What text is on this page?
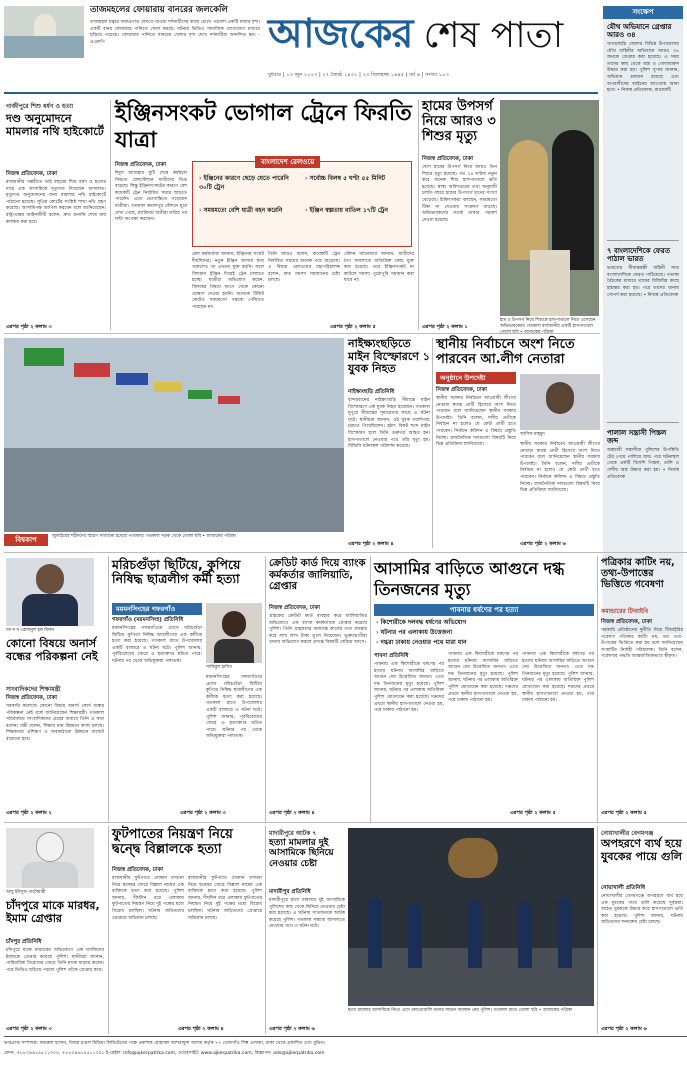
তাজমহলের ফোয়ারায় বানরের জলকেলি
তাজমহল চত্বরে জলপ্রপাত দেখতে যাওয়া দর্শনার্থীদের কাছে চোখে পড়লো একটি মজার দৃশ্য। একটি বানর ফোয়ারার পানিতে খেলা করছে। ঘটনার ভিডিও সামাজিক যোগাযোগ মাধ্যমে ছড়িয়ে পড়েছে। ফোয়ারার পানিতে বানরের খেলার দৃশ্য দেখে দর্শনার্থীরা আনন্দিত হন। - এএফপি	আজকের শেষ পাতা
বুধবার | ১৩ জুন ২০২৩ | ২৭ জ্যৈষ্ঠ ১৪৩১ | ২৩ জিলহজ্জ ১৪৪৫ | বর্ষ ৬ | সংখ্যা ১০৩
সংক্ষেপ
যৌথ অভিযানে গ্রেপ্তার আরও ৩৪
খাগড়াছড়ি জেলার বিভিন্ন উপজেলায় যৌথ বাহিনীর অভিযানে আরও ৩৪ জনকে গ্রেপ্তার করা হয়েছে। এ সময় তাদের কাছ থেকে অস্ত্র ও গোলাবারুদ উদ্ধার করা হয়। পুলিশ সুপার জানান, অভিযান চলমান রয়েছে এবং অপরাধীদের আইনের আওতায় আনা হবে। • নিজস্ব প্রতিবেদক, রাঙামাটি
৭ বাংলাদেশিকে ফেরত পাঠাল ভারত
ভারতের সীমান্তরক্ষী বাহিনী সাত বাংলাদেশিকে ফেরত পাঠিয়েছে। পতাকা বৈঠকের মাধ্যমে তাদের বিজিবির কাছে হস্তান্তর করা হয়। পরে তাদের থানায় সোপর্দ করা হয়েছে। • নিজস্ব প্রতিবেদক
পালাল সন্ত্রাসী পিস্তল জব্দ
অস্ত্রধারী সন্ত্রাসীরা পুলিশের উপস্থিতি টের পেয়ে পালিয়ে যায়। পরে ঘটনাস্থল থেকে একটি বিদেশি পিস্তল, গুলি ও দেশীয় অস্ত্র উদ্ধার করা হয়। • নিজস্ব প্রতিবেদক
গাজীপুরে শিশু ধর্ষণ ও হত্যা
দণ্ড অনুমোদনে মামলার নথি হাইকোর্টে
নিজস্ব প্রতিবেদক, ঢাকা
রাজধানীর পল্লবীতে তাই বছরের শিশু ধর্ষণ ও হত্যার দায়ে এক আসামিকে মৃত্যুদণ্ড দিয়েছেন আদালত। মৃত্যুদণ্ড অনুমোদনের জন্য মামলার নথি হাইকোর্টে পাঠানো হয়েছে। সুপ্রিম কোর্টের সংশ্লিষ্ট শাখা নথি গ্রহণ করেছে। আসামিপক্ষ আপিল করবেন বলে জানিয়েছেন। রাষ্ট্রপক্ষের আইনজীবী বলেন, দ্রুত শুনানি শেষে রায় কার্যকর করা হবে।
এরপর পৃষ্ঠা ২ কলাম ৩
ইঞ্জিনসংকট ভোগাল ট্রেনে ফিরতি যাত্রা
নিজস্ব প্রতিবেদক, ঢাকা
ঈদুল আজহার ছুটি শেষে কর্মস্থলে ফিরতে রেলস্টেশনে যাত্রীদের ভিড় বাড়ছে। কিন্তু ইঞ্জিনসংকটের কারণে বেশ কয়েকটি ট্রেন নির্ধারিত সময়ে ছাড়তে পারেনি। এতে ভোগান্তিতে পড়েছেন যাত্রীরা। গতকাল কমলাপুর স্টেশনে ঘুরে দেখা গেছে, প্ল্যাটফর্মে যাত্রীরা ঘণ্টার পর ঘণ্টা অপেক্ষা করছেন।
বাংলাদেশ রেলওয়ে
› ইঞ্জিনের কারণে ছেড়ে যেতে পারেনি ৩০টি ট্রেন
› সর্বোচ্চ বিলম্ব ৫ ঘণ্টা ৫৫ মিনিট
› সময়মতো বেশি যাত্রী বহন করেনি	› ইঞ্জিন স্বল্পতায় বাতিল ১৭টি ট্রেন
রেল কর্মকর্তারা জানান, ইঞ্জিনের সংকট দীর্ঘদিনের। নতুন ইঞ্জিন আসার কথা থাকলেও তা এখনো যুক্ত হয়নি। ফলে বিদ্যমান ইঞ্জিন দিয়েই ট্রেন চালাতে হচ্ছে। যাত্রীরা অভিযোগ করেন, বিলম্বের বিষয়ে আগে থেকে কোনো ঘোষণা দেওয়া হয়নি। অনেকে টিকিট কেটেও সময়মতো গন্তব্যে পৌঁছাতে পারছেন না।
তিনি আরও বলেন, কয়েকটি ট্রেন নির্ধারিত সময়ের অনেক পরে ছেড়েছে। এ বিষয়ে রেলওয়ের মহাপরিচালক বলেন, দ্রুত সমস্যা সমাধানের চেষ্টা চলছে।
স্টেশন ম্যানেজার জানান, যাত্রীদের চাপ সামলাতে অতিরিক্ত কোচ যুক্ত করা হয়েছে। তবে ইঞ্জিনসংকট না কাটলে সমস্যা পুরোপুরি সমাধান করা যাবে না।
এরপর পৃষ্ঠা ২ কলাম ৫
হামের উপসর্গ নিয়ে আরও ৩ শিশুর মৃত্যু
নিজস্ব প্রতিবেদক, ঢাকা
দেশে হামের উপসর্গ নিয়ে আরও তিন শিশুর মৃত্যু হয়েছে। গত ২৪ ঘণ্টায় নতুন করে অনেক শিশু হাসপাতালে ভর্তি হয়েছে। স্বাস্থ্য অধিদপ্তরের তথ্য অনুযায়ী চলতি বছরে হামের উপসর্গে মৃতের সংখ্যা বেড়েছে। চিকিৎসকরা বলছেন, সময়মতো টিকা না দেওয়ায় সংক্রমণ বাড়ছে। অভিভাবকদের সতর্ক থাকার পরামর্শ দেওয়া হয়েছে।
এরপর পৃষ্ঠা ২ কলাম ১
হাম ও উপসর্গ নিয়ে শিশুকে হাসপাতালে নিয়ে এসেছেন অভিভাবকেরা। গতকাল রাজধানীর একটি হাসপাতালে
বিশ্বকাপ	জুলাইয়ের শহীদদের স্মরণে সাজানো হয়েছে পতাকায়। গতকাল সড়ক থেকে তোলা ছবি • আজকের পত্রিকা
নাইক্ষ্যংছড়িতে মাইন বিস্ফোরণে ১ যুবক নিহত
নাইক্ষ্যংছড়ি প্রতিনিধি
বান্দরবানের নাইক্ষ্যংছড়ি সীমান্তে মাইন বিস্ফোরণে এক যুবক নিহত হয়েছেন। গতকাল দুপুরে সীমান্তের শূন্যরেখার কাছে এ ঘটনা ঘটে। স্থানীয়রা জানান, ওই যুবক গবাদিপশু চরাতে গিয়েছিলেন। হঠাৎ বিকট শব্দে মাইন বিস্ফোরণ হলে তিনি গুরুতর আহত হন। হাসপাতালে নেওয়ার পথে তাঁর মৃত্যু হয়। বিজিবি ঘটনাস্থল পরিদর্শন করেছে।
এরপর পৃষ্ঠা ২ কলাম ৪
স্থানীয় নির্বাচনে অংশ নিতে পারবেন আ.লীগ নেতারা
অনুষ্ঠানে উপদেষ্টা
নিজস্ব প্রতিবেদক, ঢাকা
স্থানীয় সরকার নির্বাচনে আওয়ামী লীগের নেতারা স্বতন্ত্র প্রার্থী হিসেবে অংশ নিতে পারবেন বলে জানিয়েছেন স্থানীয় সরকার উপদেষ্টা। তিনি বলেন, দলীয় প্রতীকে নির্বাচন না হলেও যে কেউ প্রার্থী হতে পারবেন। নির্বাচন কমিশন এ বিষয়ে প্রস্তুতি নিচ্ছে। রাজনৈতিক দলগুলো বিষয়টি নিয়ে ভিন্ন প্রতিক্রিয়া জানিয়েছে।
আসিফ মাহমুদ
স্থানীয় সরকার নির্বাচনে আওয়ামী লীগের নেতারা স্বতন্ত্র প্রার্থী হিসেবে অংশ নিতে পারবেন বলে জানিয়েছেন স্থানীয় সরকার উপদেষ্টা। তিনি বলেন, দলীয় প্রতীকে নির্বাচন না হলেও যে কেউ প্রার্থী হতে পারবেন। নির্বাচন কমিশন এ বিষয়ে প্রস্তুতি নিচ্ছে। রাজনৈতিক দলগুলো বিষয়টি নিয়ে ভিন্ন প্রতিক্রিয়া জানিয়েছে।
এরপর পৃষ্ঠা ২ কলাম ৬
আ ন ম এহসানুল হক মিলন
কোনো বিষয়ে অনার্স বন্ধের পরিকল্পনা নেই
সাংবাদিকদের শিক্ষামন্ত্রী
নিজস্ব প্রতিবেদক, ঢাকা
সরকারি কলেজে কোনো বিষয়ে অনার্স কোর্স বন্ধের পরিকল্পনা নেই বলে জানিয়েছেন শিক্ষামন্ত্রী। গতকাল সচিবালয়ে সাংবাদিকদের প্রশ্নের জবাবে তিনি এ কথা বলেন। মন্ত্রী বলেন, শিক্ষার মান উন্নয়নে কাজ চলছে। শিক্ষকদের প্রশিক্ষণ ও অবকাঠামো উন্নয়নে বাজেট বাড়ানো হবে।
এরপর পৃষ্ঠা ২ কলাম ২
মরিচগুঁড়া ছিটিয়ে, কুপিয়ে নিষিদ্ধ ছাত্রলীগ কর্মী হত্যা
ময়মনসিংহের গফরগাঁও
গফরগাঁও (ময়মনসিংহ) প্রতিনিধি
ময়মনসিংহের গফরগাঁওয়ে চোখে মরিচগুঁড়া ছিটিয়ে কুপিয়ে নিষিদ্ধ ছাত্রলীগের এক কর্মীকে হত্যা করা হয়েছে। গতকাল রাতে উপজেলার একটি বাজারে এ ঘটনা ঘটে। পুলিশ জানায়, পূর্ববিরোধের জেরে এ হত্যাকাণ্ড ঘটতে পারে। ঘটনার পর থেকে অভিযুক্তরা পলাতক।
সাকিবুল হাসিব
ময়মনসিংহের গফরগাঁওয়ে চোখে মরিচগুঁড়া ছিটিয়ে কুপিয়ে নিষিদ্ধ ছাত্রলীগের এক কর্মীকে হত্যা করা হয়েছে। গতকাল রাতে উপজেলার একটি বাজারে এ ঘটনা ঘটে। পুলিশ জানায়, পূর্ববিরোধের জেরে এ হত্যাকাণ্ড ঘটতে পারে। ঘটনার পর থেকে অভিযুক্তরা পলাতক।
এরপর পৃষ্ঠা ২ কলাম ৩
ক্রেডিট কার্ড দিয়ে ব্যাংক কর্মকর্তার জালিয়াতি, গ্রেপ্তার
নিজস্ব প্রতিবেদক, ঢাকা
গ্রাহকের ক্রেডিট কার্ড ব্যবহার করে জালিয়াতির অভিযোগে এক ব্যাংক কর্মকর্তাকে গ্রেপ্তার করেছে পুলিশ। তিনি গ্রাহকদের অজান্তে কার্ডের তথ্য ব্যবহার করে লাখ লাখ টাকা তুলে নিয়েছেন। ভুক্তভোগীরা থানায় অভিযোগ করলে তদন্তে বিষয়টি বেরিয়ে আসে।
এরপর পৃষ্ঠা ২ কলাম ৪
আসামির বাড়িতে আগুনে দগ্ধ তিনজনের মৃত্যু
পাবনায় ধর্ষণের পর হত্যা
› কিশোরীকে দলবদ্ধ ধর্ষণের অভিযোগ
› ঘটনার পর এলাকায় উত্তেজনা
› দগ্ধরা ঢাকায় নেওয়ার পথে মারা যান
পাবনা প্রতিনিধি
পাবনায় এক কিশোরীকে ধর্ষণের পর হত্যার ঘটনায় আসামির বাড়িতে আগুন দেয় উত্তেজিত জনতা। এতে দগ্ধ তিনজনের মৃত্যু হয়েছে। পুলিশ জানায়, ঘটনার পর এলাকায় অতিরিক্ত পুলিশ মোতায়েন করা হয়েছে। দগ্ধদের প্রথমে স্থানীয় হাসপাতালে নেওয়া হয়, পরে ঢাকায় পাঠানো হয়।
পাবনায় এক কিশোরীকে ধর্ষণের পর হত্যার ঘটনায় আসামির বাড়িতে আগুন দেয় উত্তেজিত জনতা। এতে দগ্ধ তিনজনের মৃত্যু হয়েছে। পুলিশ জানায়, ঘটনার পর এলাকায় অতিরিক্ত পুলিশ মোতায়েন করা হয়েছে। দগ্ধদের প্রথমে স্থানীয় হাসপাতালে নেওয়া হয়, পরে ঢাকায় পাঠানো হয়।
পাবনায় এক কিশোরীকে ধর্ষণের পর হত্যার ঘটনায় আসামির বাড়িতে আগুন দেয় উত্তেজিত জনতা। এতে দগ্ধ তিনজনের মৃত্যু হয়েছে। পুলিশ জানায়, ঘটনার পর এলাকায় অতিরিক্ত পুলিশ মোতায়েন করা হয়েছে। দগ্ধদের প্রথমে স্থানীয় হাসপাতালে নেওয়া হয়, পরে ঢাকায় পাঠানো হয়।
এরপর পৃষ্ঠা ২ কলাম ৫
পত্রিকার কাটিং নয়, তথ্য-উপাত্তের ভিত্তিতে গবেষণা
কমান্ডারের টিআইবি
নিজস্ব প্রতিবেদক, ঢাকা
সরকারি প্রতিষ্ঠানের দুর্নীতি নিয়ে টিআইবির গবেষণা পত্রিকার কাটিং নয়, বরং তথ্য-উপাত্তের ভিত্তিতে করা হয় বলে জানিয়েছেন সংস্থাটির নির্বাহী পরিচালক। তিনি বলেন, গবেষণার পদ্ধতি আন্তর্জাতিকভাবে স্বীকৃত।
এরপর পৃষ্ঠা ২ কলাম ৫
আবু ইউসুফ পাটোয়ারী
চাঁদপুরে মাকে মারধর, ইমাম গ্রেপ্তার
চাঁদপুর প্রতিনিধি
চাঁদপুরে মাকে মারধরের অভিযোগে এক মসজিদের ইমামকে গ্রেপ্তার করেছে পুলিশ। স্থানীয়রা জানান, পারিবারিক বিরোধের জেরে তিনি মাকে মারধর করেন। পরে ভিডিও ছড়িয়ে পড়লে পুলিশ তাঁকে গ্রেপ্তার করে।
এরপর পৃষ্ঠা ২ কলাম ৩
ফুটপাতের নিয়ন্ত্রণ নিয়ে দ্বন্দ্বে বিল্লালকে হত্যা
নিজস্ব প্রতিবেদক, ঢাকা
রাজধানীর ফুটপাতে দোকান বসানো নিয়ে দ্বন্দ্বের জেরে বিল্লাল নামের এক ব্যক্তিকে হত্যা করা হয়েছে। পুলিশ জানায়, দীর্ঘদিন ধরে এলাকায় ফুটপাতের নিয়ন্ত্রণ নিয়ে দুই পক্ষের মধ্যে বিরোধ চলছিল। ঘটনায় জড়িতদের গ্রেপ্তারে অভিযান চলছে।
রাজধানীর ফুটপাতে দোকান বসানো নিয়ে দ্বন্দ্বের জেরে বিল্লাল নামের এক ব্যক্তিকে হত্যা করা হয়েছে। পুলিশ জানায়, দীর্ঘদিন ধরে এলাকায় ফুটপাতের নিয়ন্ত্রণ নিয়ে দুই পক্ষের মধ্যে বিরোধ চলছিল। ঘটনায় জড়িতদের গ্রেপ্তারে অভিযান চলছে।
এরপর পৃষ্ঠা ২ কলাম ৪
মাদারীপুরে আটক ৭
হত্যা মামলার দুই আসামিকে ছিনিয়ে নেওয়ার চেষ্টা
মাদারীপুর প্রতিনিধি
মাদারীপুরে হত্যা মামলার দুই আসামিকে পুলিশের কাছ থেকে ছিনিয়ে নেওয়ার চেষ্টা করা হয়েছে। এ ঘটনায় সাতজনকে আটক করেছে পুলিশ। গতকাল সন্ধ্যায় আদালতে নেওয়ার পথে এ ঘটনা ঘটে।
এরপর পৃষ্ঠা ২ কলাম ৬
হত্যা মামলার আসামিকে নিতে এসে কোতোয়ালি থানার সামনে অবস্থান নেয় পুলিশ। গতকাল রাতে তোলা ছবি • আজকের পত্রিকা
নোয়াখালীর বেগমগঞ্জ
অপহরণে ব্যর্থ হয়ে যুবকের পায়ে গুলি
নোয়াখালী প্রতিনিধি
নোয়াখালীর বেগমগঞ্জে অপহরণে ব্যর্থ হয়ে এক যুবকের পায়ে গুলি করেছে দুর্বৃত্তরা। আহত যুবককে উদ্ধার করে হাসপাতালে ভর্তি করা হয়েছে। পুলিশ জানায়, ঘটনায় জড়িতদের শনাক্তের চেষ্টা চলছে।
এরপর পৃষ্ঠা ২ কলাম ৬
ভারপ্রাপ্ত সম্পাদক: কামরুল হাসান, বিজয় মণ্ডল মিডিয়া লিমিটেডের পক্ষে প্রকাশক মোহাম্মদ আশরাফুল আলম কর্তৃক ৭৭ তেজগাঁও শিল্প এলাকা, ঢাকা থেকে প্রকাশিত এবং মুদ্রিত।
ফোন: +৮৮০৯৬১৪৫১১৩০০, +৮৮০৯৬১৪৫১১৩০১ ই-মেইল: info@ajkerpatrika.com, ওয়েবসাইট: www.ajkerpatrika.com, বিজ্ঞাপন: ads@ajkerpatrika.com
